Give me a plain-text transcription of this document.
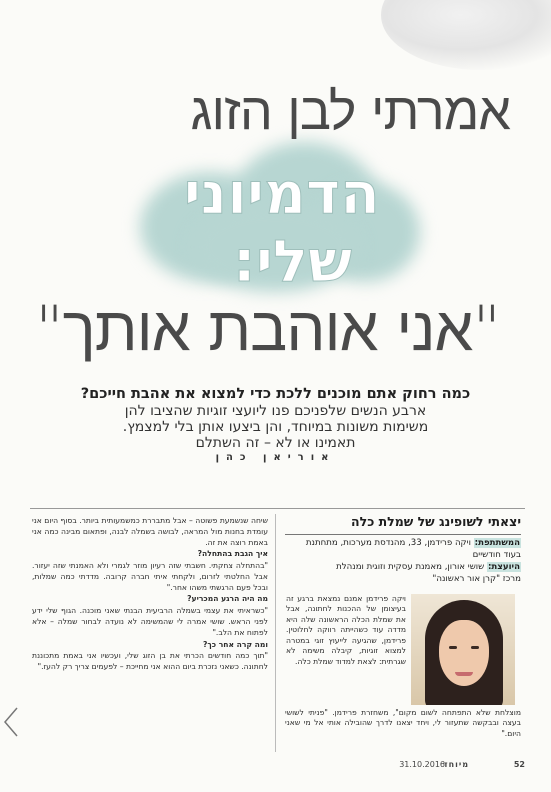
אמרתי לבן הזוג
הדמיוני
שלי:
"אני אוהבת אותך"
כמה רחוק אתם מוכנים ללכת כדי למצוא את אהבת חייכם?
ארבע הנשים שלפניכם פנו ליועצי זוגיות שהציבו להן
משימות משונות במיוחד, והן ביצעו אותן בלי למצמץ.
תאמינו או לא – זה השתלם
אוריאן כהן
יצאתי לשופינג של שמלת כלה
המשתתפת: ויקה פרידמן, 33, מהנדסת מערכות, מתחתנת
בעוד חודשיים
היועצת: שושי אורון, מאמנת עסקית וזוגית ומנהלת
מרכז "קרן אור ראשונה"
ויקה פרידמן אמנם נמצאת ברגע זה בעיצומן של ההכנות לחתונה, אבל את שמלת הכלה הראשונה שלה היא מדדה עוד כשהייתה רווקה לחלוטין. פרידמן, שהגיעה לייעוץ זוגי במטרה למצוא זוגיות, קיבלה משימה לא שגרתית: לצאת למדוד שמלת כלה.
מוצלחת שלא התפתחה לשום מקום", משחזרת פרידמן. "פניתי לשושי בעצה ובבקשה שתעזור לי, ויחד יצאנו לדרך שהובילה אותי אל מי שאני היום."

שיחה שנשמעת פשוטה – אבל מתבררת כמשמעותית ביותר. בסוף היום אני עומדת בחנות מול המראה, לבושה בשמלה לבנה, ופתאום מבינה כמה אני באמת רוצה את זה.

איך הגבת בהתחלה?

"בהתחלה צחקתי. חשבתי שזה רעיון מוזר לגמרי ולא האמנתי שזה יעזור. אבל החלטתי לזרום, ולקחתי איתי חברה קרובה. מדדתי כמה שמלות, ובכל פעם הרגשתי משהו אחר."

מה היה הרגע המכריע?

"כשראיתי את עצמי בשמלה הרביעית הבנתי שאני מוכנה. הגוף שלי ידע לפני הראש. שושי אמרה לי שהמשימה לא נועדה לבחור שמלה – אלא לפתוח את הלב."

ומה קרה אחר כך?

"תוך כמה חודשים הכרתי את בן הזוג שלי, ועכשיו אני באמת מתכוננת לחתונה. כשאני נזכרת ביום ההוא אני מחייכת – לפעמים צריך רק להעז."

52
מיוחד
31.10.2016
